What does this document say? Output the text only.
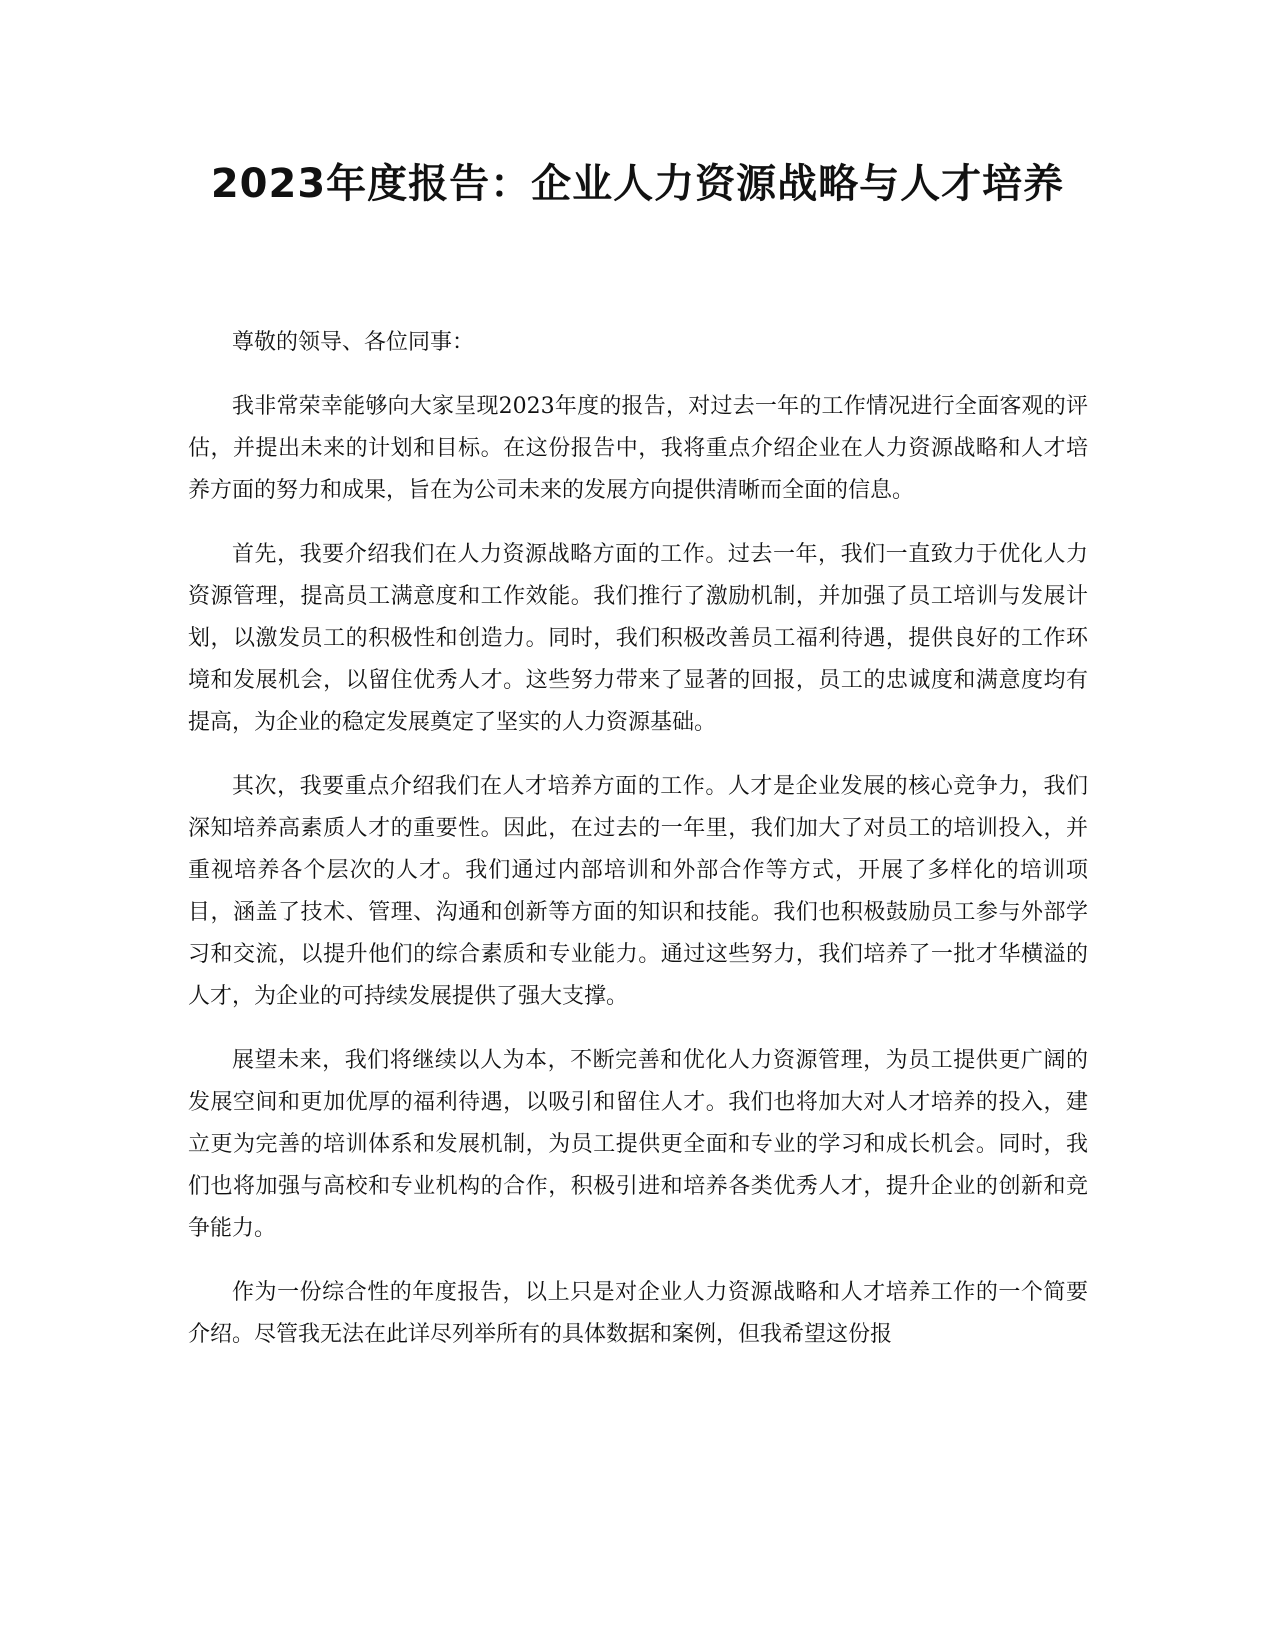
2023年度报告：企业人力资源战略与人才培养

尊敬的领导、各位同事：

我非常荣幸能够向大家呈现2023年度的报告，对过去一年的工作情况进行全面客观的评估，并提出未来的计划和目标。在这份报告中，我将重点介绍企业在人力资源战略和人才培养方面的努力和成果，旨在为公司未来的发展方向提供清晰而全面的信息。

首先，我要介绍我们在人力资源战略方面的工作。过去一年，我们一直致力于优化人力资源管理，提高员工满意度和工作效能。我们推行了激励机制，并加强了员工培训与发展计划，以激发员工的积极性和创造力。同时，我们积极改善员工福利待遇，提供良好的工作环境和发展机会，以留住优秀人才。这些努力带来了显著的回报，员工的忠诚度和满意度均有提高，为企业的稳定发展奠定了坚实的人力资源基础。

其次，我要重点介绍我们在人才培养方面的工作。人才是企业发展的核心竞争力，我们深知培养高素质人才的重要性。因此，在过去的一年里，我们加大了对员工的培训投入，并重视培养各个层次的人才。我们通过内部培训和外部合作等方式，开展了多样化的培训项目，涵盖了技术、管理、沟通和创新等方面的知识和技能。我们也积极鼓励员工参与外部学习和交流，以提升他们的综合素质和专业能力。通过这些努力，我们培养了一批才华横溢的人才，为企业的可持续发展提供了强大支撑。

展望未来，我们将继续以人为本，不断完善和优化人力资源管理，为员工提供更广阔的发展空间和更加优厚的福利待遇，以吸引和留住人才。我们也将加大对人才培养的投入，建立更为完善的培训体系和发展机制，为员工提供更全面和专业的学习和成长机会。同时，我们也将加强与高校和专业机构的合作，积极引进和培养各类优秀人才，提升企业的创新和竞争能力。

作为一份综合性的年度报告，以上只是对企业人力资源战略和人才培养工作的一个简要介绍。尽管我无法在此详尽列举所有的具体数据和案例，但我希望这份报
